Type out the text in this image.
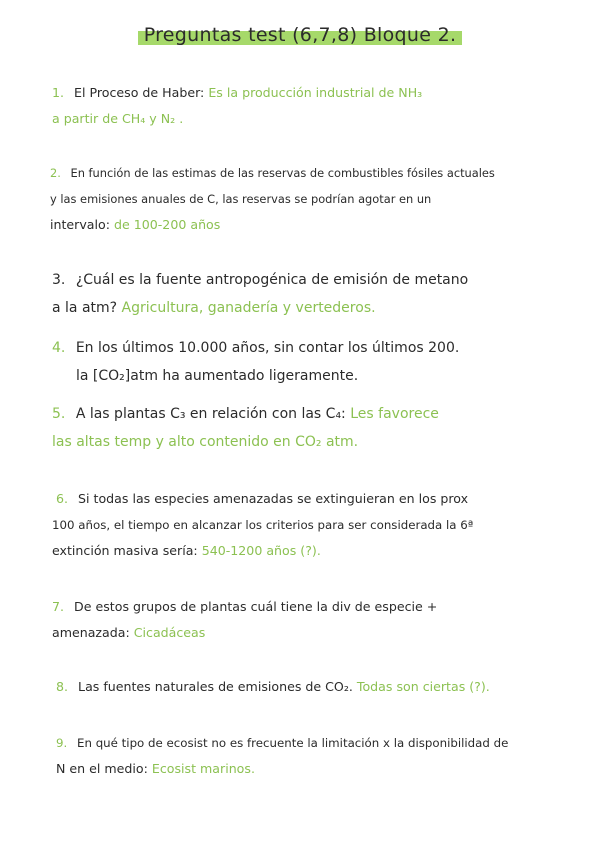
Preguntas test (6,7,8) Bloque 2.
1. El Proceso de Haber: Es la producción industrial de NH₃
a partir de CH₄ y N₂ .
2. En función de las estimas de las reservas de combustibles fósiles actuales
y las emisiones anuales de C, las reservas se podrían agotar en un
intervalo: de 100-200 años
3. ¿Cuál es la fuente antropogénica de emisión de metano
a la atm? Agricultura, ganadería y vertederos.
4. En los últimos 10.000 años, sin contar los últimos 200.
la [CO₂]atm ha aumentado ligeramente.
5. A las plantas C₃ en relación con las C₄: Les favorece
las altas temp y alto contenido en CO₂ atm.
6. Si todas las especies amenazadas se extinguieran en los prox
100 años, el tiempo en alcanzar los criterios para ser considerada la 6ª
extinción masiva sería: 540-1200 años (?).
7. De estos grupos de plantas cuál tiene la div de especie +
amenazada: Cicadáceas
8. Las fuentes naturales de emisiones de CO₂. Todas son ciertas (?).
9. En qué tipo de ecosist no es frecuente la limitación x la disponibilidad de
N en el medio: Ecosist marinos.
